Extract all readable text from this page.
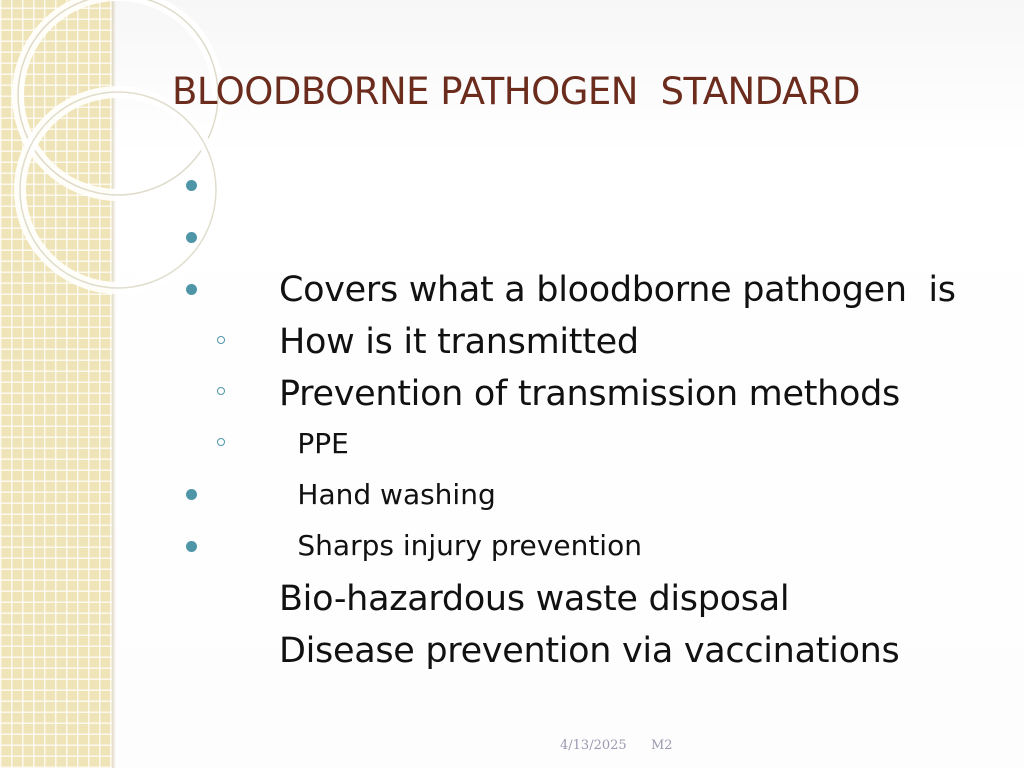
BLOODBORNE PATHOGEN  STANDARD

Covers what a bloodborne pathogen  is

How is it transmitted

Prevention of transmission methods

PPE

Hand washing

Sharps injury prevention

Bio-hazardous waste disposal

Disease prevention via vaccinations

4/13/2025 M2
